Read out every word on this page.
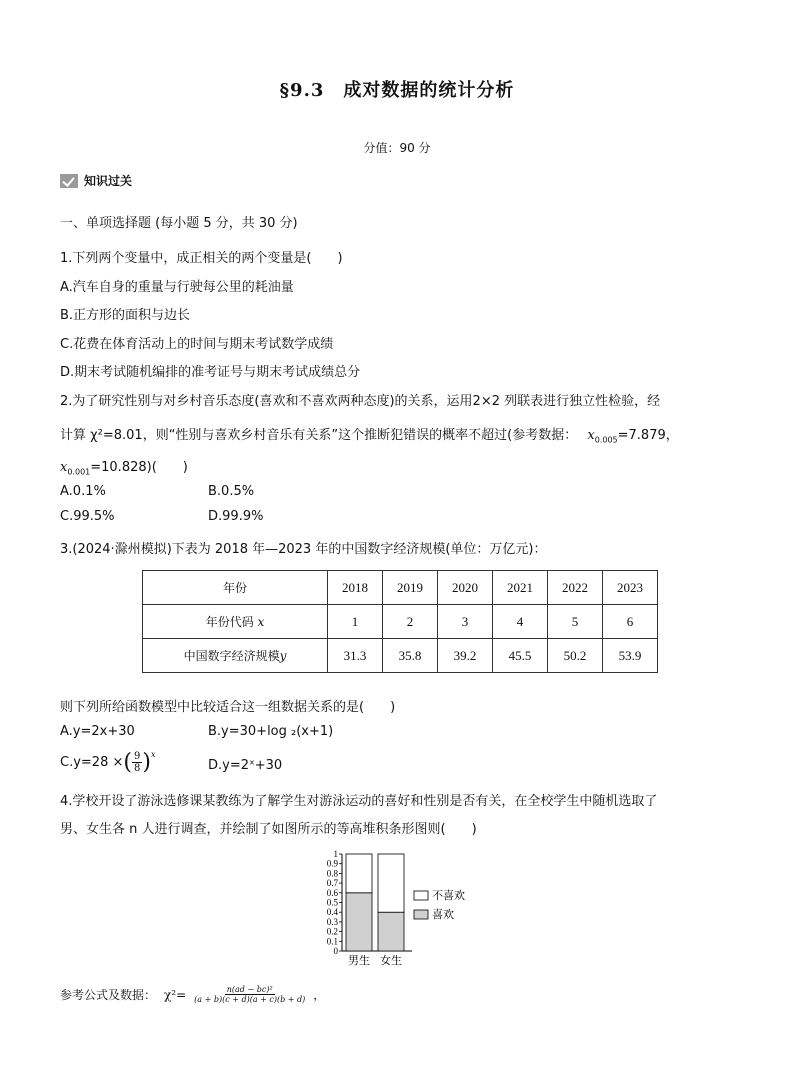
§9.3　成对数据的统计分析
分值：90 分
知识过关
一、单项选择题 (每小题 5 分，共 30 分)
1.下列两个变量中，成正相关的两个变量是(　　)
A.汽车自身的重量与行驶每公里的耗油量
B.正方形的面积与边长
C.花费在体育活动上的时间与期末考试数学成绩
D.期末考试随机编排的准考证号与期末考试成绩总分
2.为了研究性别与对乡村音乐态度(喜欢和不喜欢两种态度)的关系，运用2×2 列联表进行独立性检验，经
计算 χ²=8.01，则“性别与喜欢乡村音乐有关系”这个推断犯错误的概率不超过(参考数据： $x_{0.005}=7.879$，
$x_{0.001}=10.828$)(　　)
A.0.1%	B.0.5%
C.99.5%	D.99.9%
3.(2024·滁州模拟)下表为 2018 年—2023 年的中国数字经济规模(单位：万亿元)：
年份	2018	2019	2020	2021	2022	2023
年份代码 x	1	2	3	4	5	6
中国数字经济规模y	31.3	35.8	39.2	45.5	50.2	53.9
则下列所给函数模型中比较适合这一组数据关系的是(　　)
A.y=2x+30	B.y=30+log ₂(x+1)
C.y=28 × ( $\frac{9}{8} )^x$
D.y=2ˣ+30
4.学校开设了游泳选修课某教练为了解学生对游泳运动的喜好和性别是否有关，在全校学生中随机选取了
男、女生各 n 人进行调查，并绘制了如图所示的等高堆积条形图则(　　)
0
0.1
0.2
0.3
0.4
0.5
0.6
0.7
0.8
0.9
1
男生 女生
不喜欢
喜欢
参考公式及数据： $\chi^2= \frac{\text{n(ad − bc)²}}{(a + b)(c + d)(a + c)(b + d)}$ ，
